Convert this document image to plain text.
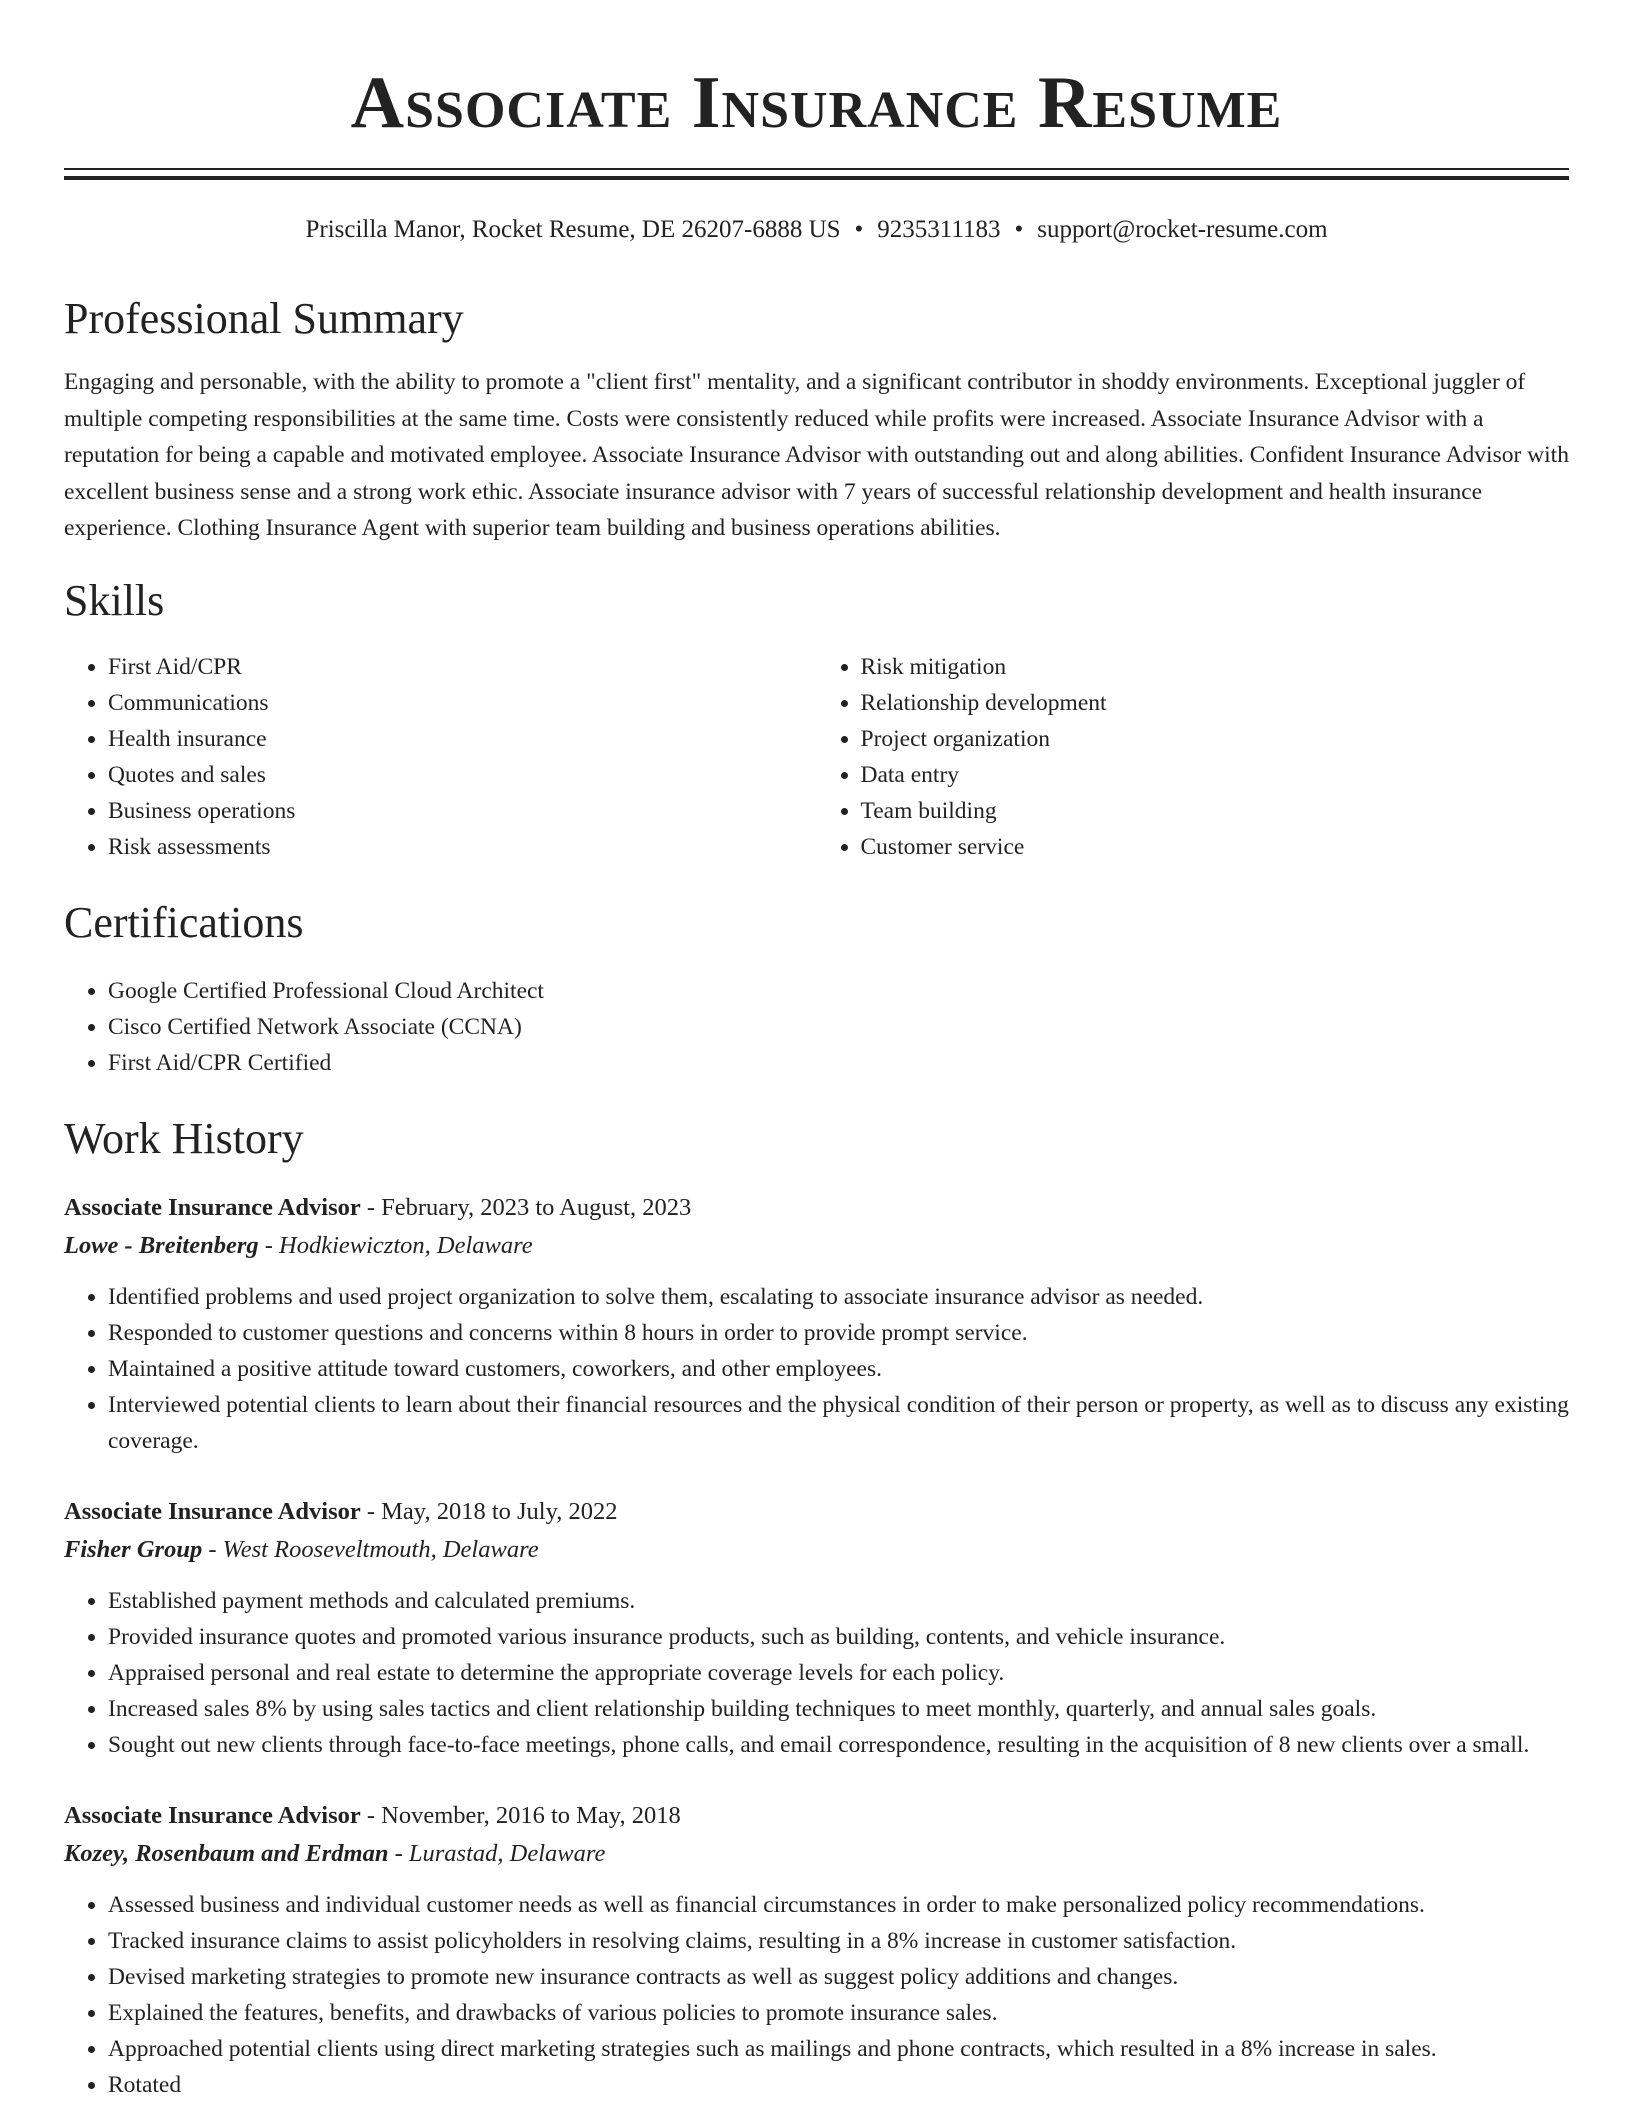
Associate Insurance Resume
Priscilla Manor, Rocket Resume, DE 26207-6888 US • 9235311183 • support@rocket-resume.com
Professional Summary

Engaging and personable, with the ability to promote a "client first" mentality, and a significant contributor in shoddy environments. Exceptional juggler of multiple competing responsibilities at the same time. Costs were consistently reduced while profits were increased. Associate Insurance Advisor with a reputation for being a capable and motivated employee. Associate Insurance Advisor with outstanding out and along abilities. Confident Insurance Advisor with excellent business sense and a strong work ethic. Associate insurance advisor with 7 years of successful relationship development and health insurance experience. Clothing Insurance Agent with superior team building and business operations abilities.

Skills
• First Aid/CPR
• Communications
• Health insurance
• Quotes and sales
• Business operations
• Risk assessments
• Risk mitigation
• Relationship development
• Project organization
• Data entry
• Team building
• Customer service
Certifications
• Google Certified Professional Cloud Architect
• Cisco Certified Network Associate (CCNA)
• First Aid/CPR Certified
Work History
Associate Insurance Advisor - February, 2023 to August, 2023
Lowe - Breitenberg - Hodkiewiczton, Delaware
• Identified problems and used project organization to solve them, escalating to associate insurance advisor as needed.
• Responded to customer questions and concerns within 8 hours in order to provide prompt service.
• Maintained a positive attitude toward customers, coworkers, and other employees.
• Interviewed potential clients to learn about their financial resources and the physical condition of their person or property, as well as to discuss any existing coverage.
Associate Insurance Advisor - May, 2018 to July, 2022
Fisher Group - West Rooseveltmouth, Delaware
• Established payment methods and calculated premiums.
• Provided insurance quotes and promoted various insurance products, such as building, contents, and vehicle insurance.
• Appraised personal and real estate to determine the appropriate coverage levels for each policy.
• Increased sales 8% by using sales tactics and client relationship building techniques to meet monthly, quarterly, and annual sales goals.
• Sought out new clients through face-to-face meetings, phone calls, and email correspondence, resulting in the acquisition of 8 new clients over a small.
Associate Insurance Advisor - November, 2016 to May, 2018
Kozey, Rosenbaum and Erdman - Lurastad, Delaware
• Assessed business and individual customer needs as well as financial circumstances in order to make personalized policy recommendations.
• Tracked insurance claims to assist policyholders in resolving claims, resulting in a 8% increase in customer satisfaction.
• Devised marketing strategies to promote new insurance contracts as well as suggest policy additions and changes.
• Explained the features, benefits, and drawbacks of various policies to promote insurance sales.
• Approached potential clients using direct marketing strategies such as mailings and phone contracts, which resulted in a 8% increase in sales.
• Rotated
